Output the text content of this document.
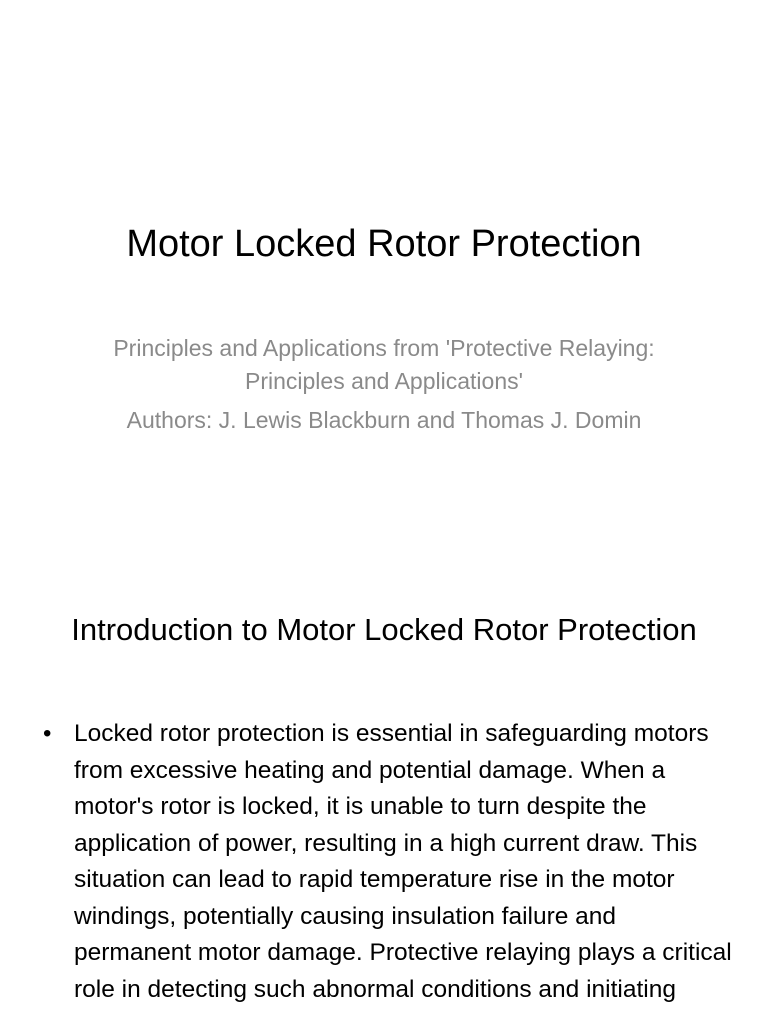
Motor Locked Rotor Protection

Principles and Applications from 'Protective Relaying: Principles and Applications'

Authors: J. Lewis Blackburn and Thomas J. Domin

Introduction to Motor Locked Rotor Protection
• Locked rotor protection is essential in safeguarding motors from excessive heating and potential damage. When a motor's rotor is locked, it is unable to turn despite the application of power, resulting in a high current draw. This situation can lead to rapid temperature rise in the motor windings, potentially causing insulation failure and permanent motor damage. Protective relaying plays a critical role in detecting such abnormal conditions and initiating
